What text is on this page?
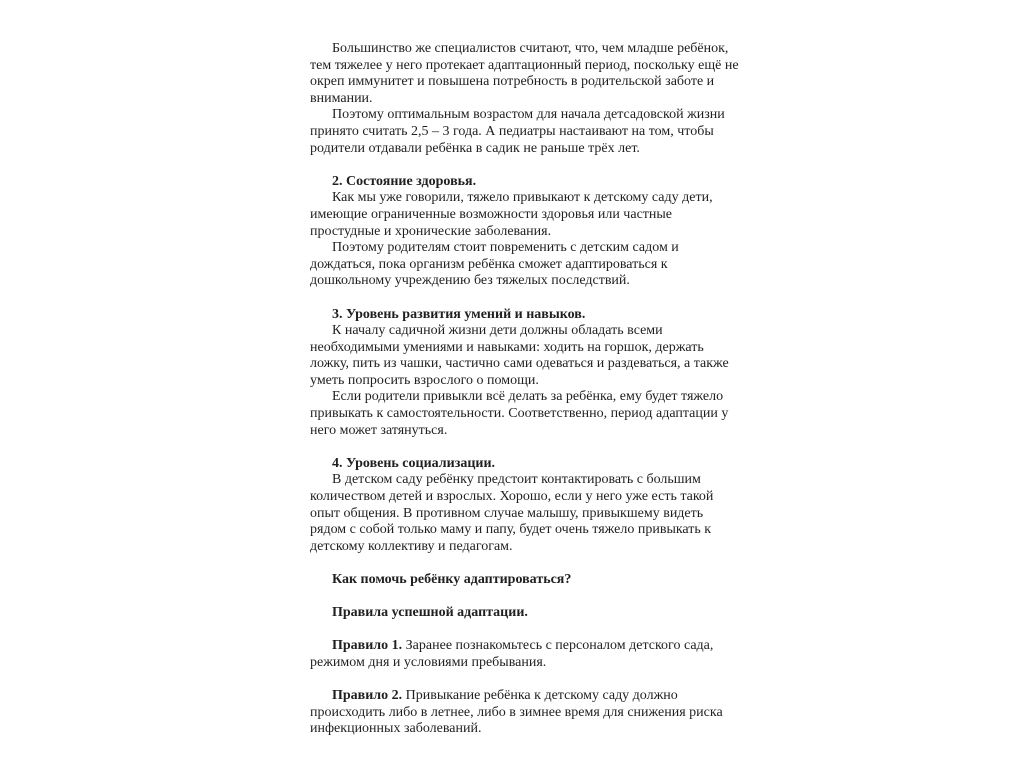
Большинство же специалистов считают, что, чем младше ребёнок, тем тяжелее у него протекает адаптационный период, поскольку ещё не окреп иммунитет и повышена потребность в родительской заботе и внимании.

Поэтому оптимальным возрастом для начала детсадовской жизни принято считать 2,5 – 3 года. А педиатры настаивают на том, чтобы родители отдавали ребёнка в садик не раньше трёх лет.

2. Состояние здоровья.

Как мы уже говорили, тяжело привыкают к детскому саду дети, имеющие ограниченные возможности здоровья или частные простудные и хронические заболевания.

Поэтому родителям стоит повременить с детским садом и дождаться, пока организм ребёнка сможет адаптироваться к дошкольному учреждению без тяжелых последствий.

3. Уровень развития умений и навыков.

К началу садичной жизни дети должны обладать всеми необходимыми умениями и навыками: ходить на горшок, держать ложку, пить из чашки, частично сами одеваться и раздеваться, а также уметь попросить взрослого о помощи.

Если родители привыкли всё делать за ребёнка, ему будет тяжело привыкать к самостоятельности. Соответственно, период адаптации у него может затянуться.

4. Уровень социализации.

В детском саду ребёнку предстоит контактировать с большим количеством детей и взрослых. Хорошо, если у него уже есть такой опыт общения. В противном случае малышу, привыкшему видеть рядом с собой только маму и папу, будет очень тяжело привыкать к детскому коллективу и педагогам.

Как помочь ребёнку адаптироваться?

Правила успешной адаптации.

Правило 1. Заранее познакомьтесь с персоналом детского сада, режимом дня и условиями пребывания.

Правило 2. Привыкание ребёнка к детскому саду должно происходить либо в летнее, либо в зимнее время для снижения риска инфекционных заболеваний.
